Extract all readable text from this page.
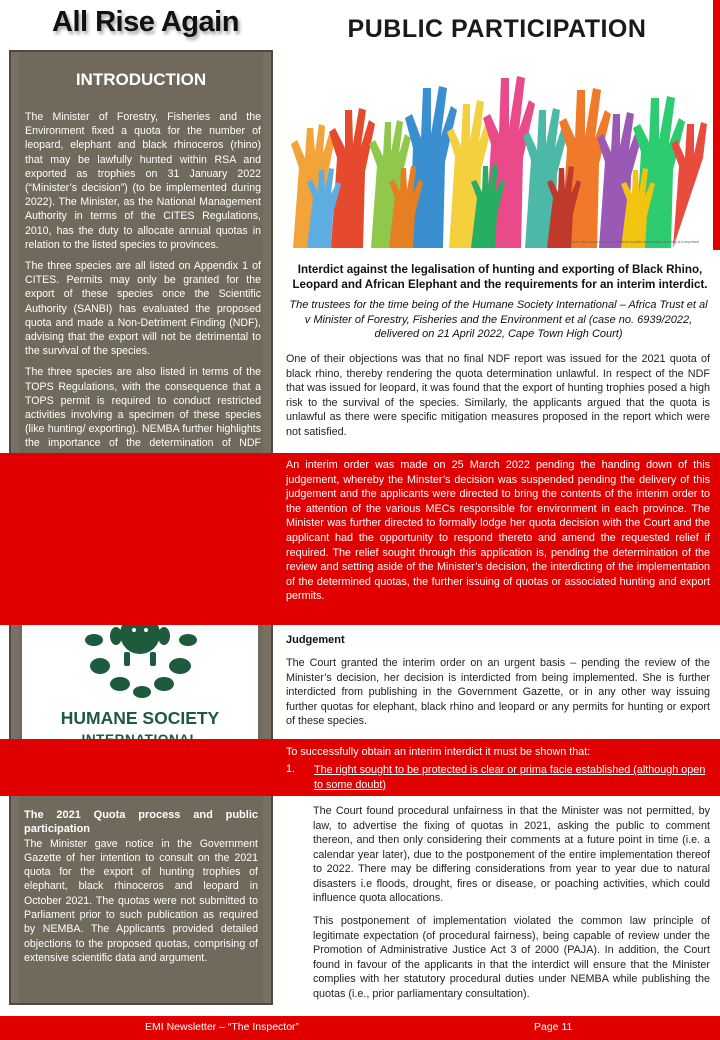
All Rise Again
INTRODUCTION

The Minister of Forestry, Fisheries and the Environment fixed a quota for the number of leopard, elephant and black rhinoceros (rhino) that may be lawfully hunted within RSA and exported as trophies on 31 January 2022 (“Minister’s decision”) (to be implemented during 2022). The Minister, as the National Management Authority in terms of the CITES Regulations, 2010, has the duty to allocate annual quotas in relation to the listed species to provinces.

The three species are all listed on Appendix 1 of CITES. Permits may only be granted for the export of these species once the Scientific Authority (SANBI) has evaluated the proposed quota and made a Non-Detriment Finding (NDF), advising that the export will not be detrimental to the survival of the species.

The three species are also listed in terms of the TOPS Regulations, with the consequence that a TOPS permit is required to conduct restricted activities involving a specimen of these species (like hunting/ exporting). NEMBA further highlights the importance of the determination of NDF

HUMANE SOCIETY
The 2021 Quota process and public participation
The Minister gave notice in the Government Gazette of her intention to consult on the 2021 quota for the export of hunting trophies of elephant, black rhinoceros and leopard in October 2021. The quotas were not submitted to Parliament prior to such publication as required by NEMBA. The Applicants provided detailed objections to the proposed quotas, comprising of extensive scientific data and argument.
PUBLIC PARTICIPATION
Source: https://www.example.com/what-is-public-participation-and-why-is-it-important
Interdict against the legalisation of hunting and exporting of Black Rhino, Leopard and African Elephant and the requirements for an interim interdict.
The trustees for the time being of the Humane Society International – Africa Trust et al v Minister of Forestry, Fisheries and the Environment et al (case no. 6939/2022, delivered on 21 April 2022, Cape Town High Court)
One of their objections was that no final NDF report was issued for the 2021 quota of black rhino, thereby rendering the quota determination unlawful. In respect of the NDF that was issued for leopard, it was found that the export of hunting trophies posed a high risk to the survival of the species. Similarly, the applicants argued that the quota is unlawful as there were specific mitigation measures proposed in the report which were not satisfied.
An interim order was made on 25 March 2022 pending the handing down of this judgement, whereby the Minster’s decision was suspended pending the delivery of this judgement and the applicants were directed to bring the contents of the interim order to the attention of the various MECs responsible for environment in each province. The Minister was further directed to formally lodge her quota decision with the Court and the applicant had the opportunity to respond thereto and amend the requested relief if required. The relief sought through this application is, pending the determination of the review and setting aside of the Minister’s decision, the interdicting of the implementation of the determined quotas, the further issuing of quotas or associated hunting and export permits.
Judgement
The Court granted the interim order on an urgent basis – pending the review of the Minister’s decision, her decision is interdicted from being implemented. She is further interdicted from publishing in the Government Gazette, or in any other way issuing further quotas for elephant, black rhino and leopard or any permits for hunting or export of these species.
To successfully obtain an interim interdict it must be shown that:
1. The right sought to be protected is clear or prima facie established (although open to some doubt)
The Court found procedural unfairness in that the Minister was not permitted, by law, to advertise the fixing of quotas in 2021, asking the public to comment thereon, and then only considering their comments at a future point in time (i.e. a calendar year later), due to the postponement of the entire implementation thereof to 2022. There may be differing considerations from year to year due to natural disasters i.e floods, drought, fires or disease, or poaching activities, which could influence quota allocations.
This postponement of implementation violated the common law principle of legitimate expectation (of procedural fairness), being capable of review under the Promotion of Administrative Justice Act 3 of 2000 (PAJA). In addition, the Court found in favour of the applicants in that the interdict will ensure that the Minister complies with her statutory procedural duties under NEMBA while publishing the quotas (i.e., prior parliamentary consultation).
EMI Newsletter – “The Inspector”	Page 11
